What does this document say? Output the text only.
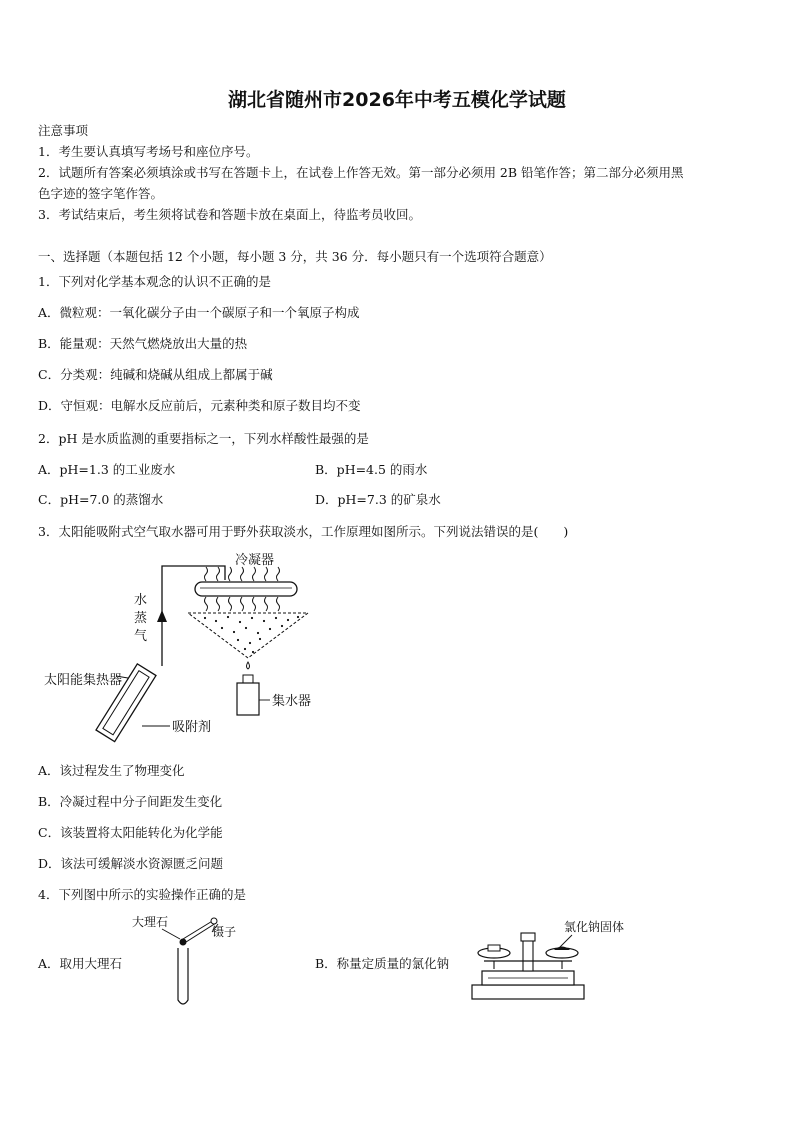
湖北省随州市2026年中考五模化学试题
注意事项
1．考生要认真填写考场号和座位序号。
2．试题所有答案必须填涂或书写在答题卡上，在试卷上作答无效。第一部分必须用 2B 铅笔作答；第二部分必须用黑
色字迹的签字笔作答。
3．考试结束后，考生须将试卷和答题卡放在桌面上，待监考员收回。
一、选择题（本题包括 12 个小题，每小题 3 分，共 36 分．每小题只有一个选项符合题意）
1．下列对化学基本观念的认识不正确的是
A．微粒观：一氧化碳分子由一个碳原子和一个氧原子构成
B．能量观：天然气燃烧放出大量的热
C．分类观：纯碱和烧碱从组成上都属于碱
D．守恒观：电解水反应前后，元素种类和原子数目均不变
2．pH 是水质监测的重要指标之一，下列水样酸性最强的是
A．pH=1.3 的工业废水	B．pH=4.5 的雨水
C．pH=7.0 的蒸馏水	D．pH=7.3 的矿泉水
3．太阳能吸附式空气取水器可用于野外获取淡水，工作原理如图所示。下列说法错误的是(　　)
冷凝器
水
蒸
气
太阳能集热器
集水器
吸附剂
A．该过程发生了物理变化
B．冷凝过程中分子间距发生变化
C．该装置将太阳能转化为化学能
D．该法可缓解淡水资源匮乏问题
4．下列图中所示的实验操作正确的是
A．取用大理石
大理石
镊子
B．称量定质量的氯化钠
氯化钠固体
